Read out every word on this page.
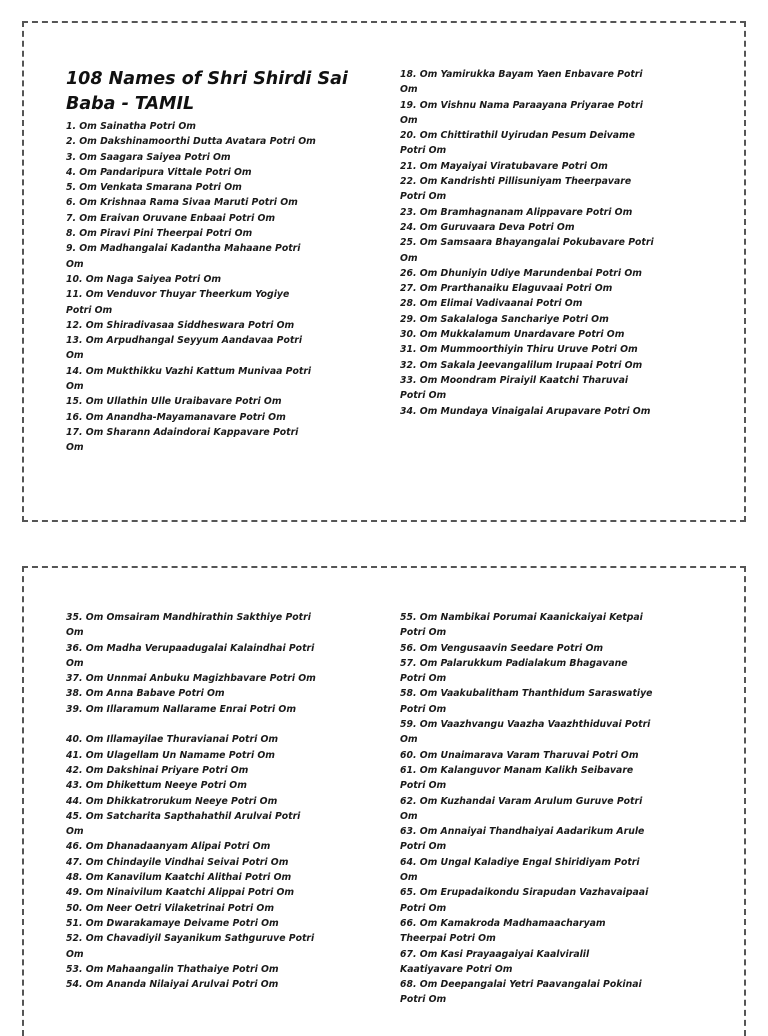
108 Names of Shri Shirdi Sai Baba - TAMIL
1. Om Sainatha Potri Om
2. Om Dakshinamoorthi Dutta Avatara Potri Om
3. Om Saagara Saiyea Potri Om
4. Om Pandaripura Vittale Potri Om
5. Om Venkata Smarana Potri Om
6. Om Krishnaa Rama Sivaa Maruti Potri Om
7. Om Eraivan Oruvane Enbaai Potri Om
8. Om Piravi Pini Theerpai Potri Om
9. Om Madhangalai Kadantha Mahaane Potri Om
10. Om Naga Saiyea Potri Om
11. Om Venduvor Thuyar Theerkum Yogiye Potri Om
12. Om Shiradivasaa Siddheswara Potri Om
13. Om Arpudhangal Seyyum Aandavaa Potri Om
14. Om Mukthikku Vazhi Kattum Munivaa Potri Om
15. Om Ullathin Ulle Uraibavare Potri Om
16. Om Anandha-Mayamanavare Potri Om
17. Om Sharann Adaindorai Kappavare Potri Om
18. Om Yamirukka Bayam Yaen Enbavare Potri Om
19. Om Vishnu Nama Paraayana Priyarae Potri Om
20. Om Chittirathil Uyirudan Pesum Deivame Potri Om
21. Om Mayaiyai Viratubavare Potri Om
22. Om Kandrishti Pillisuniyam Theerpavare Potri Om
23. Om Bramhagnanam Alippavare Potri Om
24. Om Guruvaara Deva Potri Om
25. Om Samsaara Bhayangalai Pokubavare Potri Om
26. Om Dhuniyin Udiye Marundenbai Potri Om
27. Om Prarthanaiku Elaguvaai Potri Om
28. Om Elimai Vadivaanai Potri Om
29. Om Sakalaloga Sanchariye Potri Om
30. Om Mukkalamum Unardavare Potri Om
31. Om Mummoorthiyin Thiru Uruve Potri Om
32. Om Sakala Jeevangalilum Irupaai Potri Om
33. Om Moondram Piraiyil Kaatchi Tharuvai Potri Om
34. Om Mundaya Vinaigalai Arupavare Potri Om
35. Om Omsairam Mandhirathin Sakthiye Potri Om
36. Om Madha Verupaadugalai Kalaindhai Potri Om
37. Om Unnmai Anbuku Magizhbavare Potri Om
38. Om Anna Babave Potri Om
39. Om Illaramum Nallarame Enrai Potri Om
40. Om Illamayilae Thuravianai Potri Om
41. Om Ulagellam Un Namame Potri Om
42. Om Dakshinai Priyare Potri Om
43. Om Dhikettum Neeye Potri Om
44. Om Dhikkatrorukum Neeye Potri Om
45. Om Satcharita Sapthahathil Arulvai Potri Om
46. Om Dhanadaanyam Alipai Potri Om
47. Om Chindayile Vindhai Seivai Potri Om
48. Om Kanavilum Kaatchi Alithai Potri Om
49. Om Ninaivilum Kaatchi Alippai Potri Om
50. Om Neer Oetri Vilaketrinai Potri Om
51. Om Dwarakamaye Deivame Potri Om
52. Om Chavadiyil Sayanikum Sathguruve Potri Om
53. Om Mahaangalin Thathaiye Potri Om
54. Om Ananda Nilaiyai Arulvai Potri Om
55. Om Nambikai Porumai Kaanickaiyai Ketpai Potri Om
56. Om Vengusaavin Seedare Potri Om
57. Om Palarukkum Padialakum Bhagavane Potri Om
58. Om Vaakubalitham Thanthidum Saraswatiye Potri Om
59. Om Vaazhvangu Vaazha Vaazhthiduvai Potri Om
60. Om Unaimarava Varam Tharuvai Potri Om
61. Om Kalanguvor Manam Kalikh Seibavare Potri Om
62. Om Kuzhandai Varam Arulum Guruve Potri Om
63. Om Annaiyai Thandhaiyai Aadarikum Arule Potri Om
64. Om Ungal Kaladiye Engal Shiridiyam Potri Om
65. Om Erupadaikondu Sirapudan Vazhavaipaai Potri Om
66. Om Kamakroda Madhamaacharyam Theerpai Potri Om
67. Om Kasi Prayaagaiyai Kaalviralil Kaatiyavare Potri Om
68. Om Deepangalai Yetri Paavangalai Pokinai Potri Om
